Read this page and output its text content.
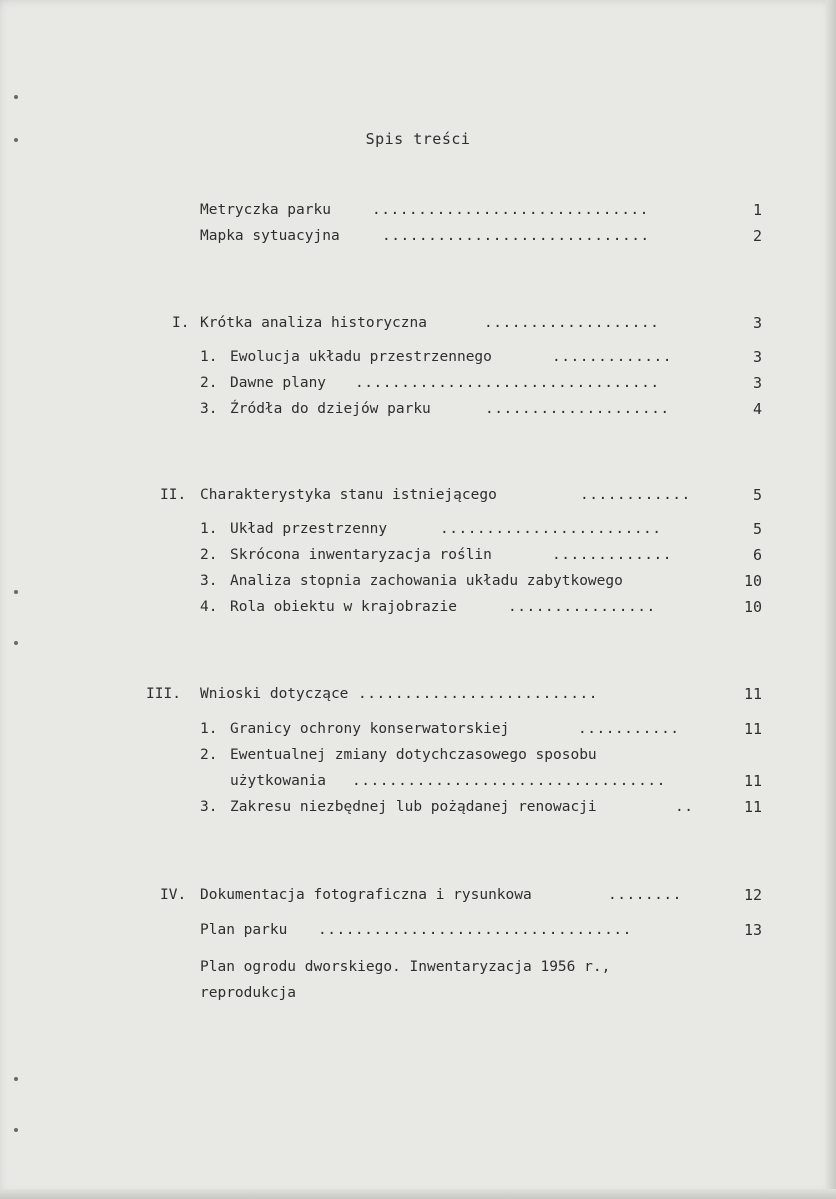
Spis treści
Metryczka parku	..............................	1
Mapka sytuacyjna	.............................	2
I. Krótka analiza historyczna	...................	3
1. Ewolucja układu przestrzennego	.............	3
2. Dawne plany .................................	3
3. Źródła do dziejów parku	....................	4
II. Charakterystyka stanu istniejącego	............	5
1. Układ przestrzenny	........................	5
2. Skrócona inwentaryzacja roślin	.............	6
3. Analiza stopnia zachowania układu zabytkowego	10
4. Rola obiektu w krajobrazie	................	10
III. Wnioski dotyczące ..........................	11
1. Granicy ochrony konserwatorskiej	...........	11
2. Ewentualnej zmiany dotychczasowego sposobu
użytkowania ..................................	11
3. Zakresu niezbędnej lub pożądanej renowacji	..	11
IV. Dokumentacja fotograficzna i rysunkowa	........	12
Plan parku ..................................	13
Plan ogrodu dworskiego. Inwentaryzacja 1956 r.,
reprodukcja
